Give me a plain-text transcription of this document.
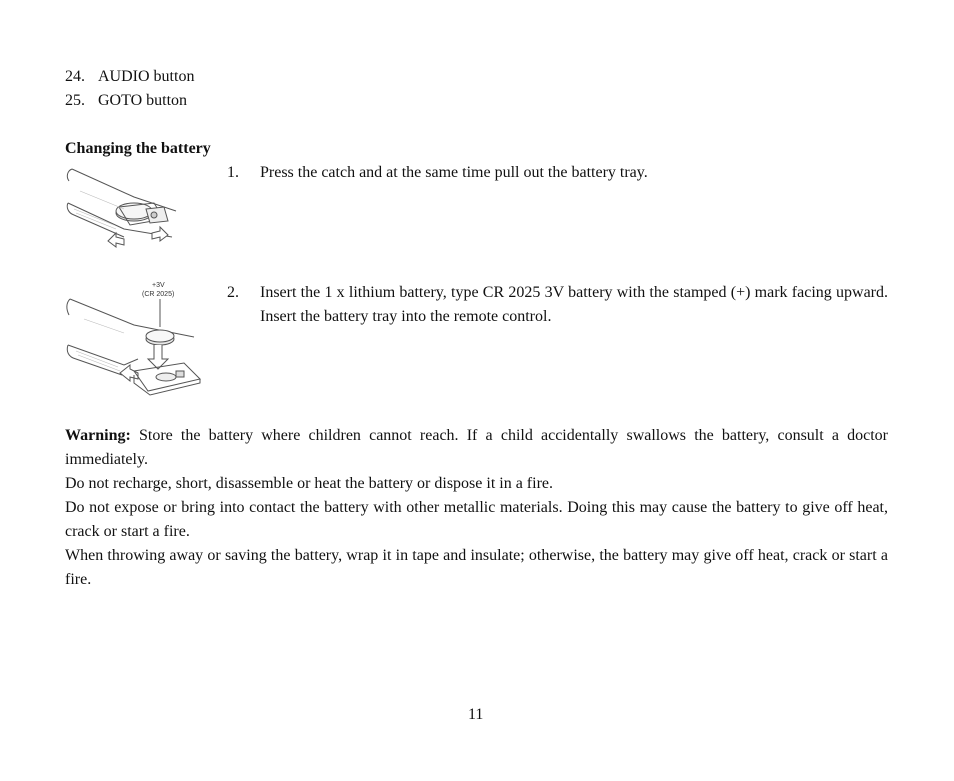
24. AUDIO button
25. GOTO button
Changing the battery
1. Press the catch and at the same time pull out the battery tray.
+3V
(CR 2025)	2. Insert the 1 x lithium battery, type CR 2025 3V battery with the stamped (+) mark facing upward. Insert the battery tray into the remote control.
Warning: Store the battery where children cannot reach. If a child accidentally swallows the battery, consult a doctor immediately.
Do not recharge, short, disassemble or heat the battery or dispose it in a fire.
Do not expose or bring into contact the battery with other metallic materials. Doing this may cause the battery to give off heat, crack or start a fire.
When throwing away or saving the battery, wrap it in tape and insulate; otherwise, the battery may give off heat, crack or start a fire.
11
